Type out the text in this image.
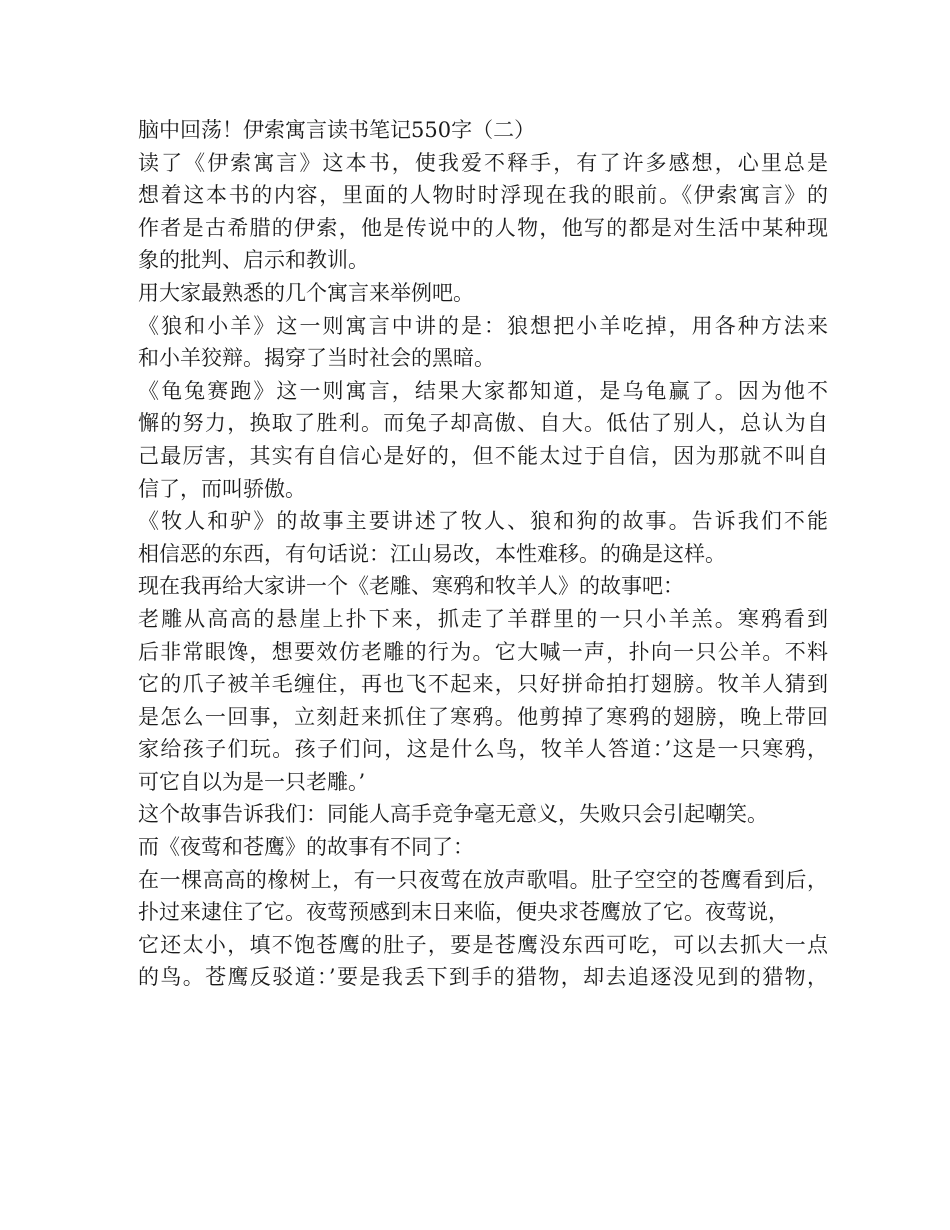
脑中回荡！伊索寓言读书笔记550字（二）
读了《伊索寓言》这本书，使我爱不释手，有了许多感想，心里总是
想着这本书的内容，里面的人物时时浮现在我的眼前。《伊索寓言》的
作者是古希腊的伊索，他是传说中的人物，他写的都是对生活中某种现
象的批判、启示和教训。
用大家最熟悉的几个寓言来举例吧。
《狼和小羊》这一则寓言中讲的是：狼想把小羊吃掉，用各种方法来
和小羊狡辩。揭穿了当时社会的黑暗。
《龟兔赛跑》这一则寓言，结果大家都知道，是乌龟赢了。因为他不
懈的努力，换取了胜利。而兔子却高傲、自大。低估了别人，总认为自
己最厉害，其实有自信心是好的，但不能太过于自信，因为那就不叫自
信了，而叫骄傲。
《牧人和驴》的故事主要讲述了牧人、狼和狗的故事。告诉我们不能
相信恶的东西，有句话说：江山易改，本性难移。的确是这样。
现在我再给大家讲一个《老雕、寒鸦和牧羊人》的故事吧：
老雕从高高的悬崖上扑下来，抓走了羊群里的一只小羊羔。寒鸦看到
后非常眼馋，想要效仿老雕的行为。它大喊一声，扑向一只公羊。不料
它的爪子被羊毛缠住，再也飞不起来，只好拼命拍打翅膀。牧羊人猜到
是怎么一回事，立刻赶来抓住了寒鸦。他剪掉了寒鸦的翅膀，晚上带回
家给孩子们玩。孩子们问，这是什么鸟，牧羊人答道：’这是一只寒鸦，
可它自以为是一只老雕。’
这个故事告诉我们：同能人高手竞争毫无意义，失败只会引起嘲笑。
而《夜莺和苍鹰》的故事有不同了：
在一棵高高的橡树上，有一只夜莺在放声歌唱。肚子空空的苍鹰看到后，
扑过来逮住了它。夜莺预感到末日来临，便央求苍鹰放了它。夜莺说，
它还太小，填不饱苍鹰的肚子，要是苍鹰没东西可吃，可以去抓大一点
的鸟。苍鹰反驳道：’要是我丢下到手的猎物，却去追逐没见到的猎物，
